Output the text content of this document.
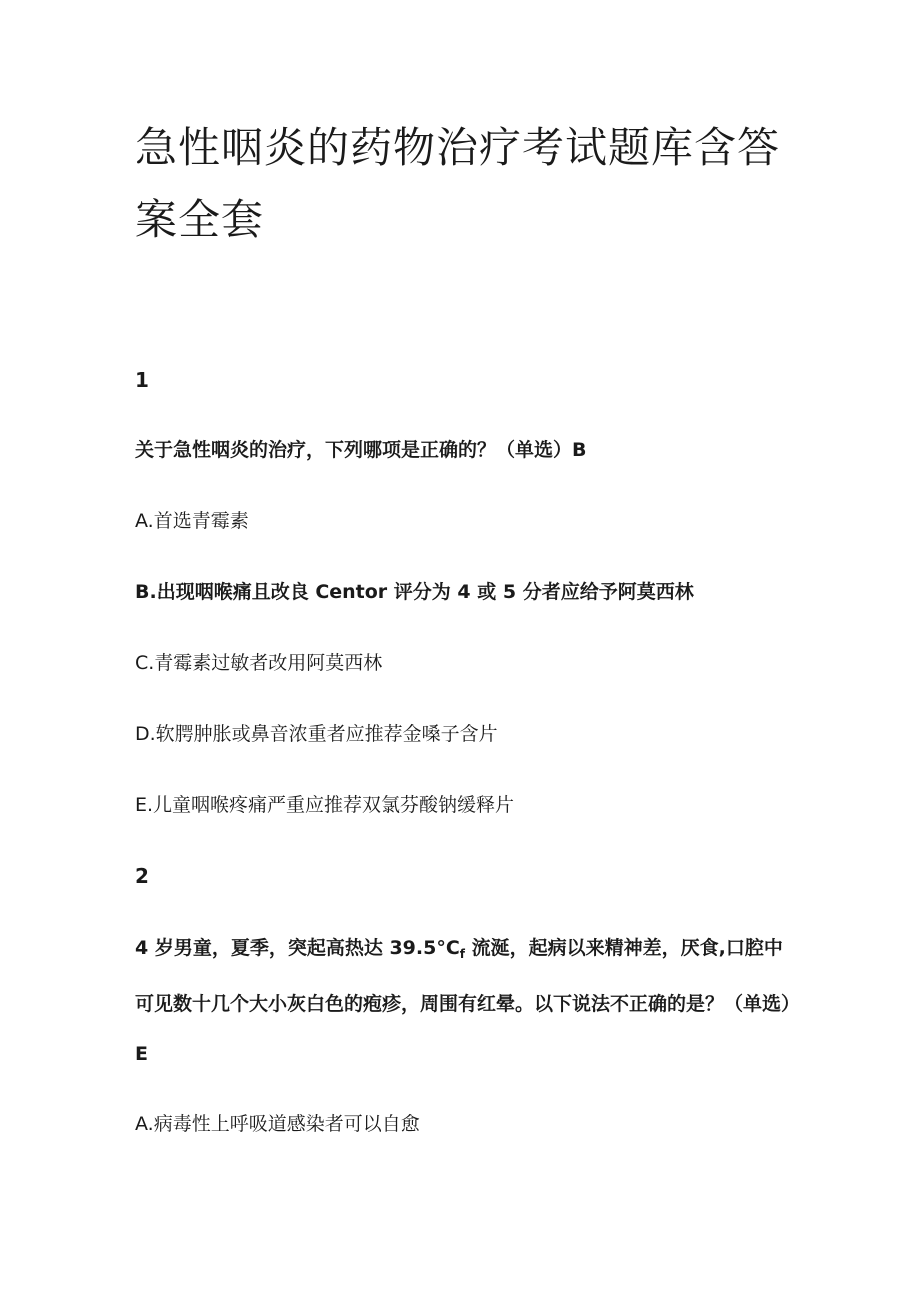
急性咽炎的药物治疗考试题库含答案全套
1
关于急性咽炎的治疗，下列哪项是正确的？（单选）B
A.首选青霉素
B.出现咽喉痛且改良 Centor 评分为 4 或 5 分者应给予阿莫西林
C.青霉素过敏者改用阿莫西林
D.软腭肿胀或鼻音浓重者应推荐金嗓子含片
E.儿童咽喉疼痛严重应推荐双氯芬酸钠缓释片
2
4 岁男童，夏季，突起高热达 $39.5^\circ C_f$ 流涎，起病以来精神差，厌食,口腔中可见数十几个大小灰白色的疱疹，周围有红晕。以下说法不正确的是？（单选）E
A.病毒性上呼吸道感染者可以自愈
